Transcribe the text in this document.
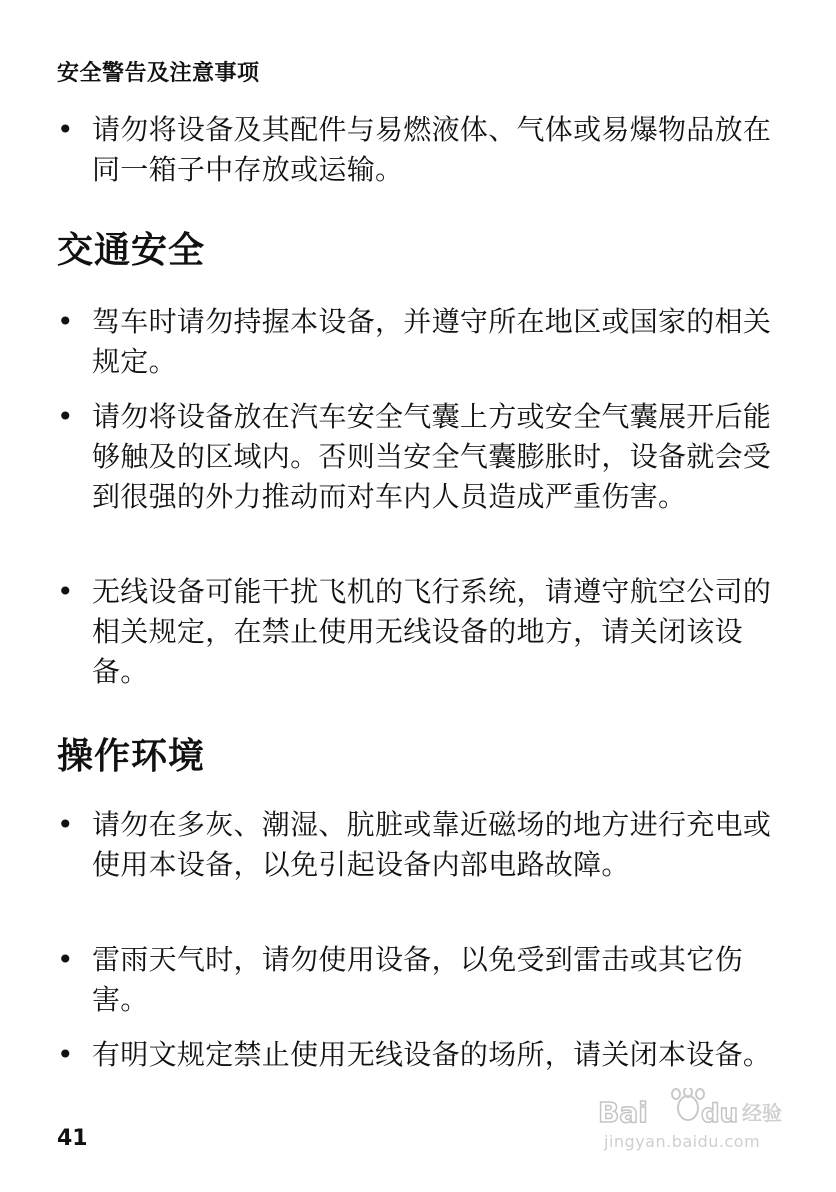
安全警告及注意事项
• 请勿将设备及其配件与易燃液体、气体或易爆物品放在同一箱子中存放或运输。
交通安全
• 驾车时请勿持握本设备，并遵守所在地区或国家的相关规定。
• 请勿将设备放在汽车安全气囊上方或安全气囊展开后能够触及的区域内。否则当安全气囊膨胀时，设备就会受到很强的外力推动而对车内人员造成严重伤害。
• 无线设备可能干扰飞机的飞行系统，请遵守航空公司的相关规定，在禁止使用无线设备的地方，请关闭该设备。
操作环境
• 请勿在多灰、潮湿、肮脏或靠近磁场的地方进行充电或使用本设备，以免引起设备内部电路故障。
• 雷雨天气时，请勿使用设备，以免受到雷击或其它伤害。
• 有明文规定禁止使用无线设备的场所，请关闭本设备。
41
Bai du 经验
jingyan.baidu.com
